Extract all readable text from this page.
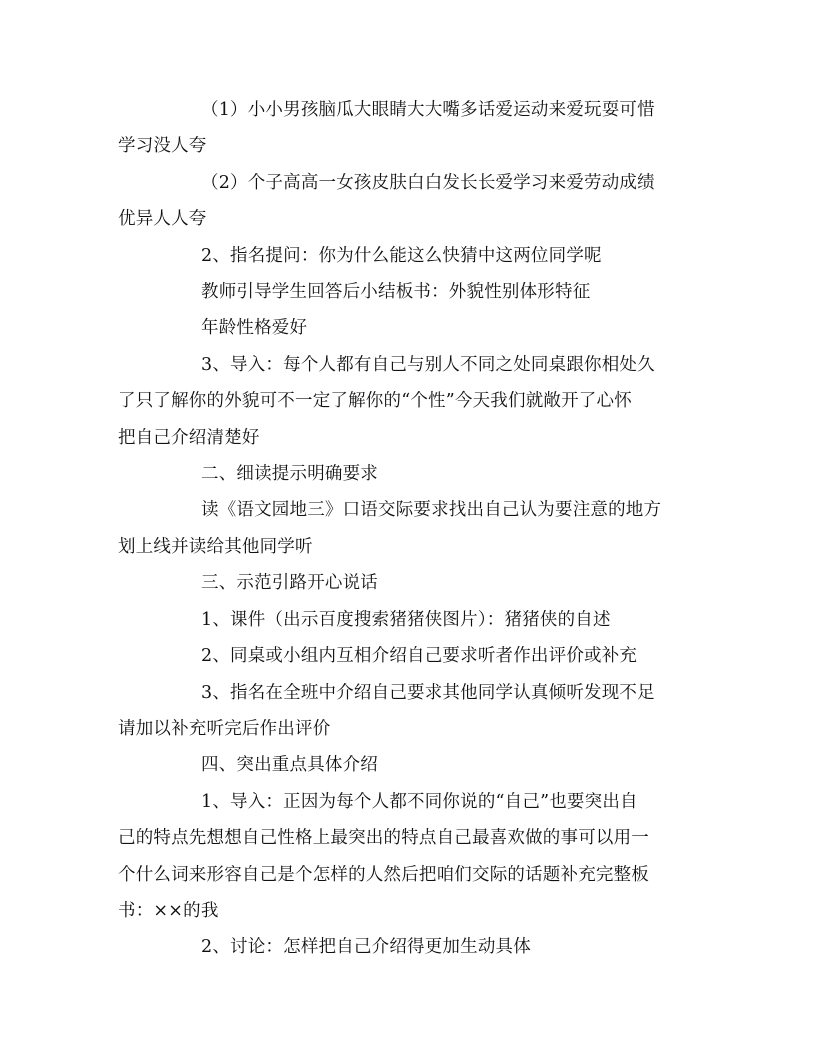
（1）小小男孩脑瓜大眼睛大大嘴多话爱运动来爱玩耍可惜
学习没人夸
（2）个子高高一女孩皮肤白白发长长爱学习来爱劳动成绩
优异人人夸
2、指名提问：你为什么能这么快猜中这两位同学呢
教师引导学生回答后小结板书：外貌性别体形特征
年龄性格爱好
3、导入：每个人都有自己与别人不同之处同桌跟你相处久
了只了解你的外貌可不一定了解你的“个性”今天我们就敞开了心怀
把自己介绍清楚好
二、细读提示明确要求
读《语文园地三》口语交际要求找出自己认为要注意的地方
划上线并读给其他同学听
三、示范引路开心说话
1、课件（出示百度搜索猪猪侠图片）：猪猪侠的自述
2、同桌或小组内互相介绍自己要求听者作出评价或补充
3、指名在全班中介绍自己要求其他同学认真倾听发现不足
请加以补充听完后作出评价
四、突出重点具体介绍
1、导入：正因为每个人都不同你说的“自己”也要突出自
己的特点先想想自己性格上最突出的特点自己最喜欢做的事可以用一
个什么词来形容自己是个怎样的人然后把咱们交际的话题补充完整板
书：××的我
2、讨论：怎样把自己介绍得更加生动具体
